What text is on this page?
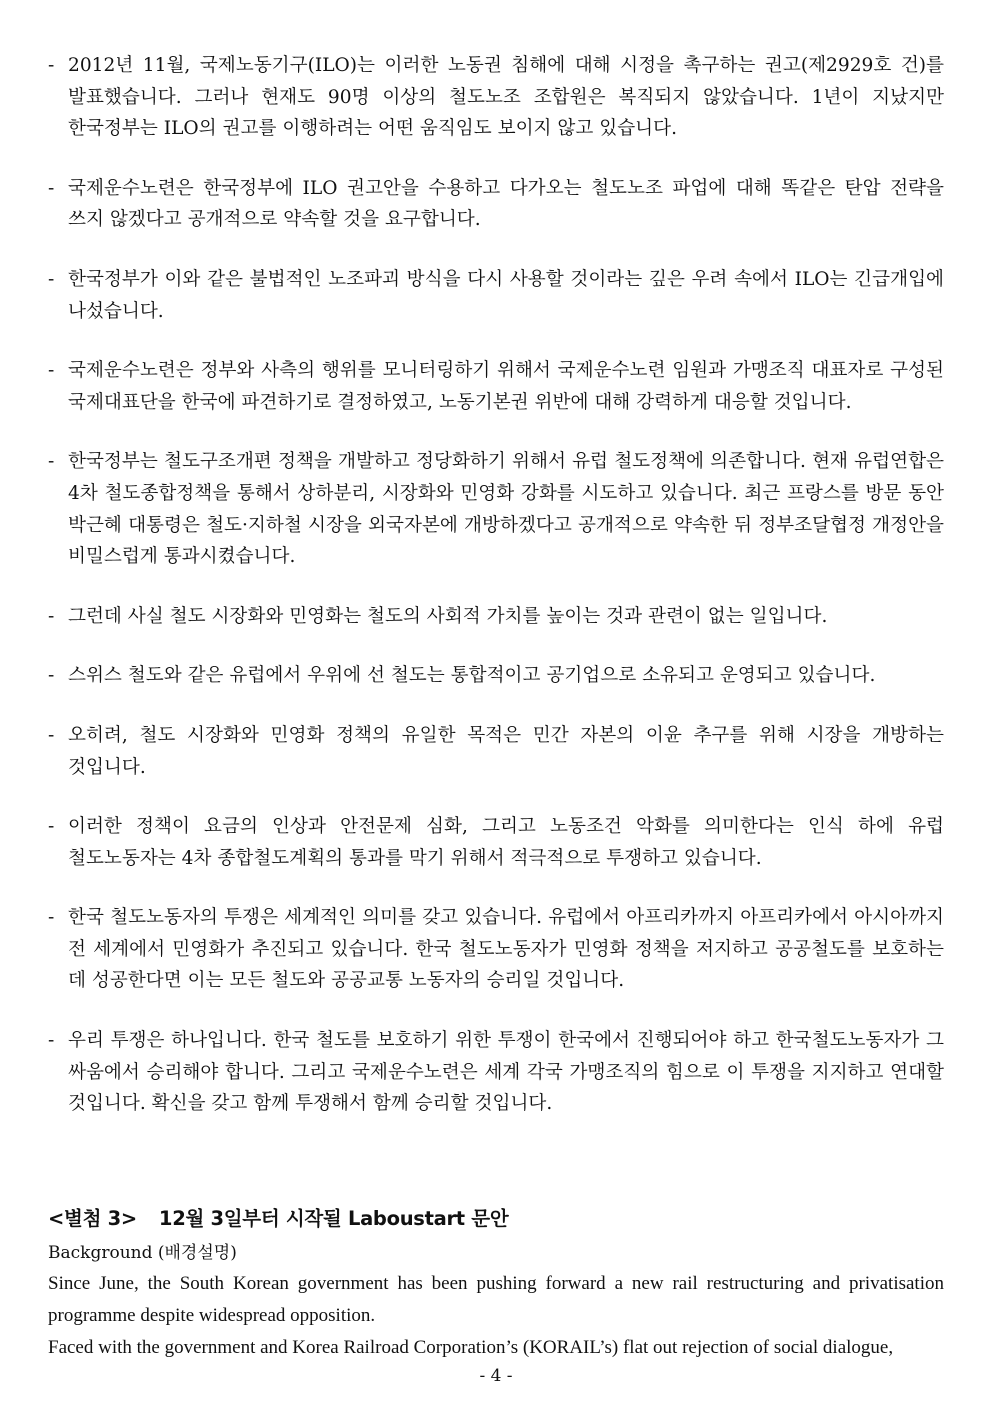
- 2012년 11월, 국제노동기구(ILO)는 이러한 노동권 침해에 대해 시정을 촉구하는 권고(제2929호 건)를 발표했습니다. 그러나 현재도 90명 이상의 철도노조 조합원은 복직되지 않았습니다. 1년이 지났지만 한국정부는 ILO의 권고를 이행하려는 어떤 움직임도 보이지 않고 있습니다.
- 국제운수노련은 한국정부에 ILO 권고안을 수용하고 다가오는 철도노조 파업에 대해 똑같은 탄압 전략을 쓰지 않겠다고 공개적으로 약속할 것을 요구합니다.
- 한국정부가 이와 같은 불법적인 노조파괴 방식을 다시 사용할 것이라는 깊은 우려 속에서 ILO는 긴급개입에 나섰습니다.
- 국제운수노련은 정부와 사측의 행위를 모니터링하기 위해서 국제운수노련 임원과 가맹조직 대표자로 구성된 국제대표단을 한국에 파견하기로 결정하였고, 노동기본권 위반에 대해 강력하게 대응할 것입니다.
- 한국정부는 철도구조개편 정책을 개발하고 정당화하기 위해서 유럽 철도정책에 의존합니다. 현재 유럽연합은 4차 철도종합정책을 통해서 상하분리, 시장화와 민영화 강화를 시도하고 있습니다. 최근 프랑스를 방문 동안 박근혜 대통령은 철도·지하철 시장을 외국자본에 개방하겠다고 공개적으로 약속한 뒤 정부조달협정 개정안을 비밀스럽게 통과시켰습니다.
- 그런데 사실 철도 시장화와 민영화는 철도의 사회적 가치를 높이는 것과 관련이 없는 일입니다.
- 스위스 철도와 같은 유럽에서 우위에 선 철도는 통합적이고 공기업으로 소유되고 운영되고 있습니다.
- 오히려, 철도 시장화와 민영화 정책의 유일한 목적은 민간 자본의 이윤 추구를 위해 시장을 개방하는 것입니다.
- 이러한 정책이 요금의 인상과 안전문제 심화, 그리고 노동조건 악화를 의미한다는 인식 하에 유럽 철도노동자는 4차 종합철도계획의 통과를 막기 위해서 적극적으로 투쟁하고 있습니다.
- 한국 철도노동자의 투쟁은 세계적인 의미를 갖고 있습니다. 유럽에서 아프리카까지 아프리카에서 아시아까지 전 세계에서 민영화가 추진되고 있습니다. 한국 철도노동자가 민영화 정책을 저지하고 공공철도를 보호하는 데 성공한다면 이는 모든 철도와 공공교통 노동자의 승리일 것입니다.
- 우리 투쟁은 하나입니다. 한국 철도를 보호하기 위한 투쟁이 한국에서 진행되어야 하고 한국철도노동자가 그 싸움에서 승리해야 합니다. 그리고 국제운수노련은 세계 각국 가맹조직의 힘으로 이 투쟁을 지지하고 연대할 것입니다. 확신을 갖고 함께 투쟁해서 함께 승리할 것입니다.
<별첨 3> 12월 3일부터 시작될 Laboustart 문안
Background (배경설명)

Since June, the South Korean government has been pushing forward a new rail restructuring and privatisation programme despite widespread opposition.

Faced with the government and Korea Railroad Corporation’s (KORAIL’s) flat out rejection of social dialogue,

- 4 -
